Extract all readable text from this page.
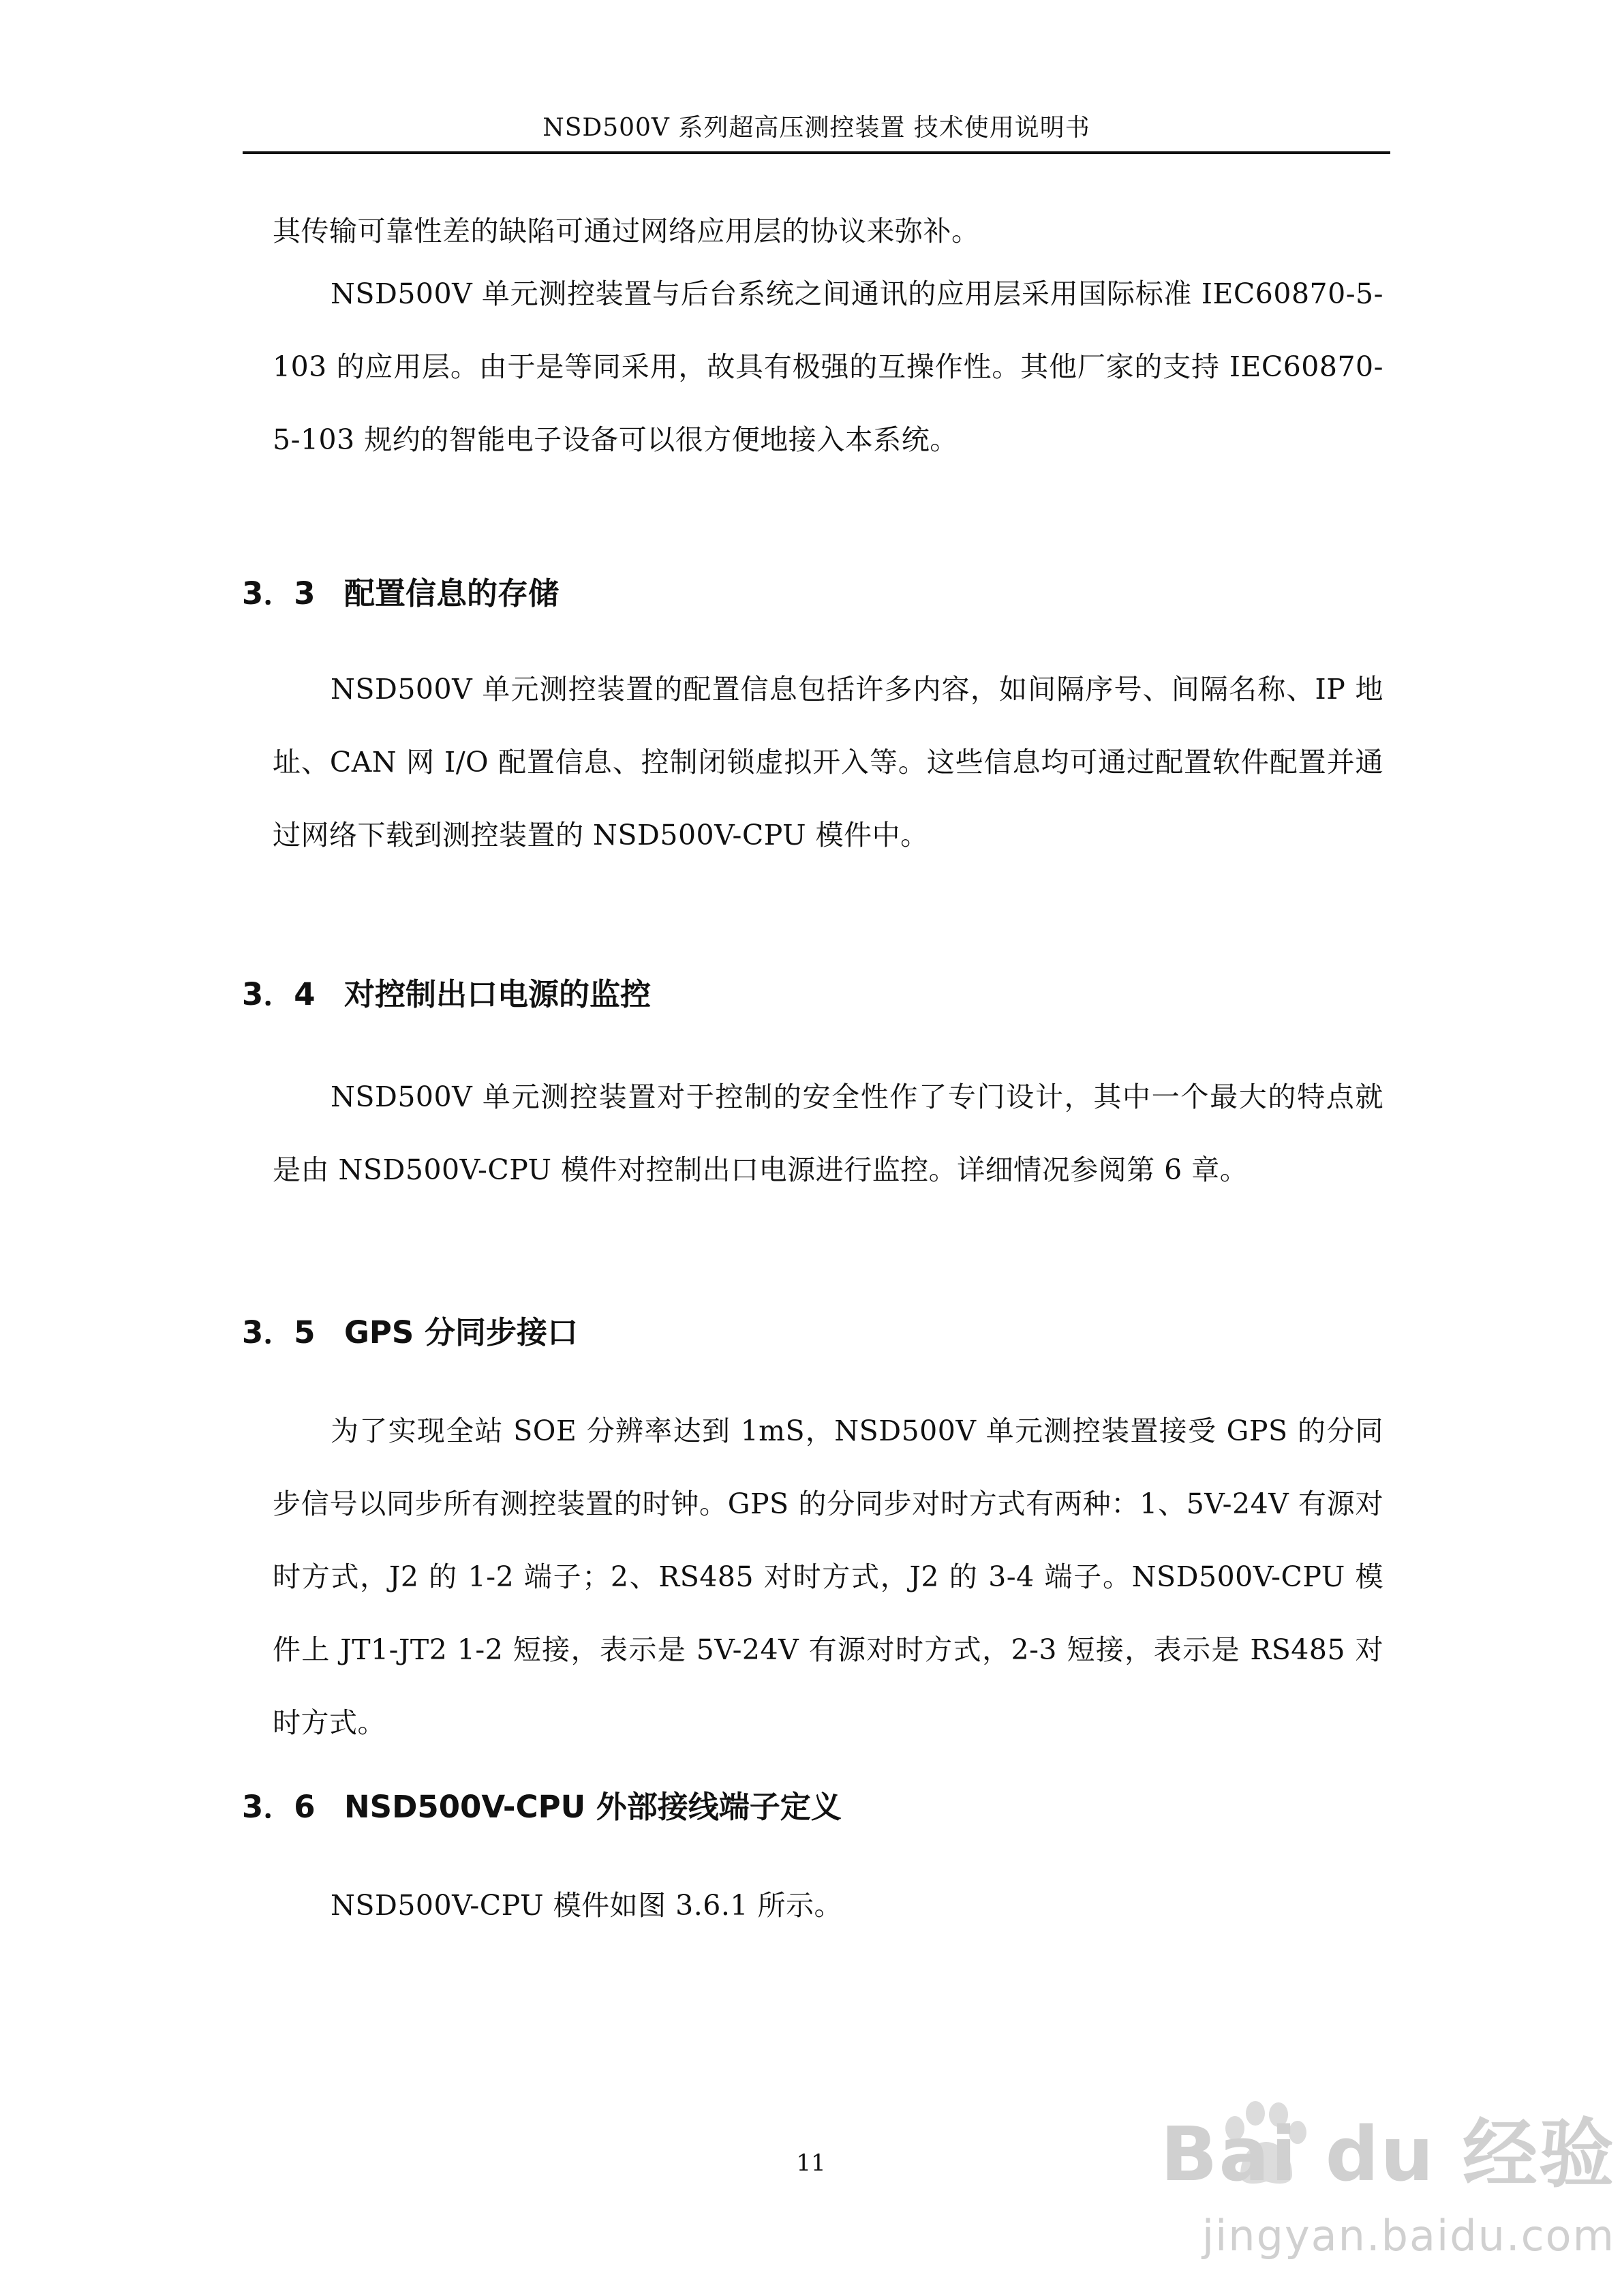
NSD500V 系列超高压测控装置 技术使用说明书

其传输可靠性差的缺陷可通过网络应用层的协议来弥补。

NSD500V 单元测控装置与后台系统之间通讯的应用层采用国际标准 IEC60870-5-103 的应用层。由于是等同采用，故具有极强的互操作性。其他厂家的支持 IEC60870-5-103 规约的智能电子设备可以很方便地接入本系统。

3．3 配置信息的存储

NSD500V 单元测控装置的配置信息包括许多内容，如间隔序号、间隔名称、IP 地址、CAN 网 I/O 配置信息、控制闭锁虚拟开入等。这些信息均可通过配置软件配置并通过网络下载到测控装置的 NSD500V-CPU 模件中。

3．4 对控制出口电源的监控

NSD500V 单元测控装置对于控制的安全性作了专门设计，其中一个最大的特点就是由 NSD500V-CPU 模件对控制出口电源进行监控。详细情况参阅第 6 章。

3．5 GPS 分同步接口

为了实现全站 SOE 分辨率达到 1mS，NSD500V 单元测控装置接受 GPS 的分同步信号以同步所有测控装置的时钟。GPS 的分同步对时方式有两种：1、5V-24V 有源对时方式，J2 的 1-2 端子；2、RS485 对时方式，J2 的 3-4 端子。NSD500V-CPU 模件上 JT1-JT2 1-2 短接，表示是 5V-24V 有源对时方式，2-3 短接，表示是 RS485 对时方式。

3．6 NSD500V-CPU 外部接线端子定义

NSD500V-CPU 模件如图 3.6.1 所示。

11	Bai du 经验
jingyan.baidu.com
